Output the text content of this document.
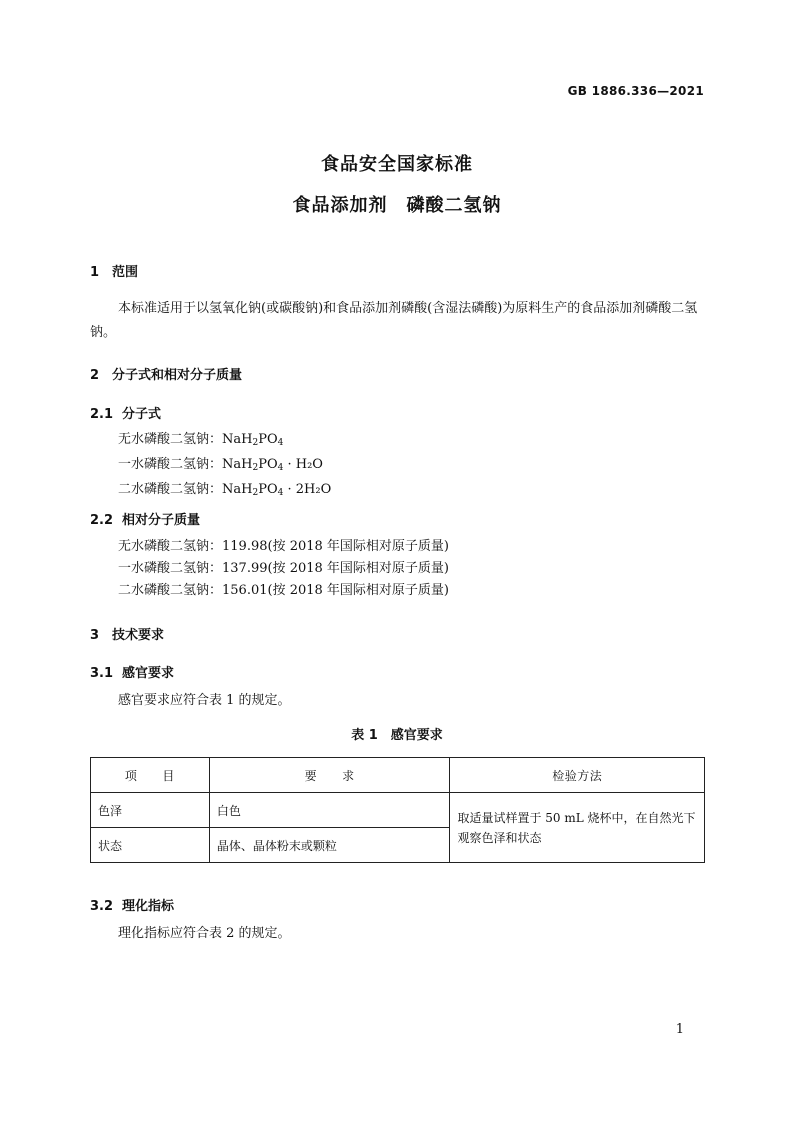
GB 1886.336—2021
食品安全国家标准
食品添加剂　磷酸二氢钠
1 范围
本标准适用于以氢氧化钠(或碳酸钠)和食品添加剂磷酸(含湿法磷酸)为原料生产的食品添加剂磷酸二氢钠。
2 分子式和相对分子质量
2.1 分子式
无水磷酸二氢钠：$NaH_2PO_4$
一水磷酸二氢钠：$NaH_2PO_4 \cdot H_2O$
二水磷酸二氢钠：$NaH_2PO_4 \cdot 2H_2O$
2.2 相对分子质量
无水磷酸二氢钠：119.98(按 2018 年国际相对原子质量)
一水磷酸二氢钠：137.99(按 2018 年国际相对原子质量)
二水磷酸二氢钠：156.01(按 2018 年国际相对原子质量)
3 技术要求
3.1 感官要求
感官要求应符合表 1 的规定。
表 1　感官要求
项　　目	要　　求	检验方法
色泽	白色	取适量试样置于 50 mL 烧杯中，在自然光下观察色泽和状态
状态	晶体、晶体粉末或颗粒	
3.2 理化指标
理化指标应符合表 2 的规定。
1
